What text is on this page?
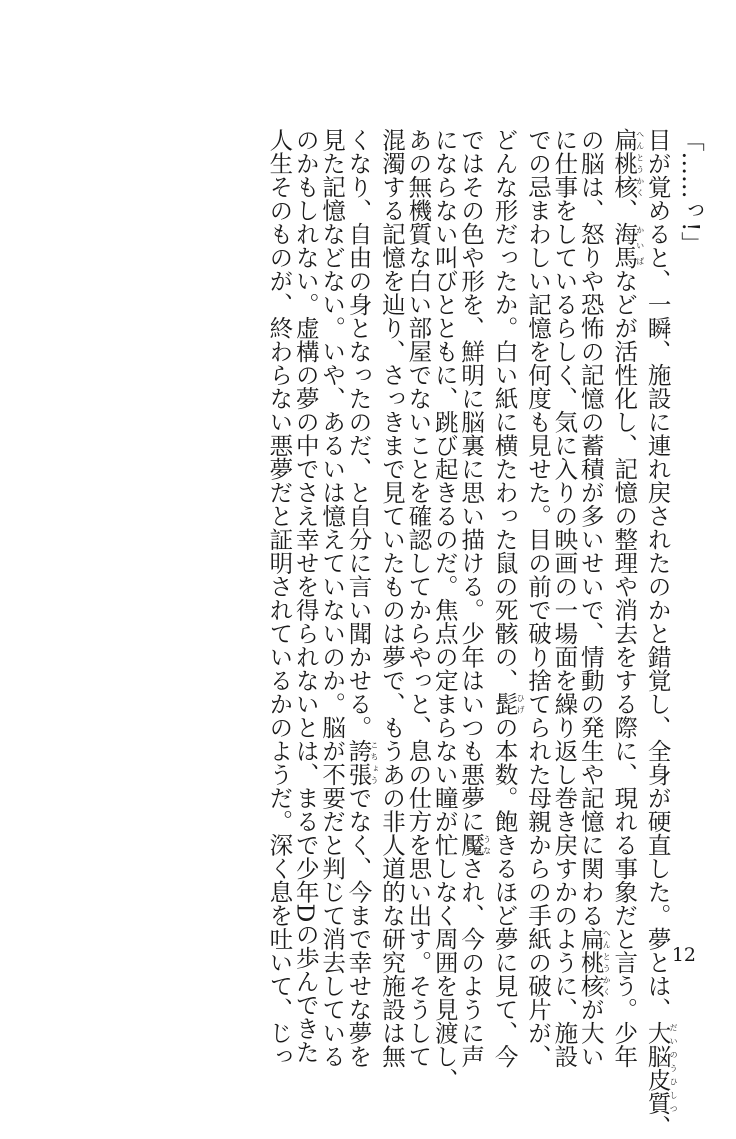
「……っ!」
目が覚めると、一瞬、施設に連れ戻されたのかと錯覚し、全身が硬直した。夢とは、大脳皮質だいのうひしつ、
扁桃核へんとうかく、海馬かいばなどが活性化し、記憶の整理や消去をする際に、現れる事象だと言う。少年
の脳は、怒りや恐怖の記憶の蓄積が多いせいで、情動の発生や記憶に関わる扁桃核へんとうかくが大い
に仕事をしているらしく、気に入りの映画の一場面を繰り返し巻き戻すかのように、施設
での忌まわしい記憶を何度も見せた。目の前で破り捨てられた母親からの手紙の破片が、
どんな形だったか。白い紙に横たわった鼠の死骸の、髭ひげの本数。飽きるほど夢に見て、今
ではその色や形を、鮮明に脳裏に思い描ける。少年はいつも悪夢に魘うなされ、今のように声
にならない叫びとともに、跳び起きるのだ。焦点の定まらない瞳が忙しなく周囲を見渡し、
あの無機質な白い部屋でないことを確認してからやっと、息の仕方を思い出す。そうして
混濁する記憶を辿り、さっきまで見ていたものは夢で、もうあの非人道的な研究施設は無
くなり、自由の身となったのだ、と自分に言い聞かせる。誇張こちょうでなく、今まで幸せな夢を
見た記憶などない。いや、あるいは憶えていないのか。脳が不要だと判じて消去している
のかもしれない。虚構の夢の中でさえ幸せを得られないとは、まるで少年Dの歩んできた
人生そのものが、終わらない悪夢だと証明されているかのようだ。深く息を吐いて、じっ	12
